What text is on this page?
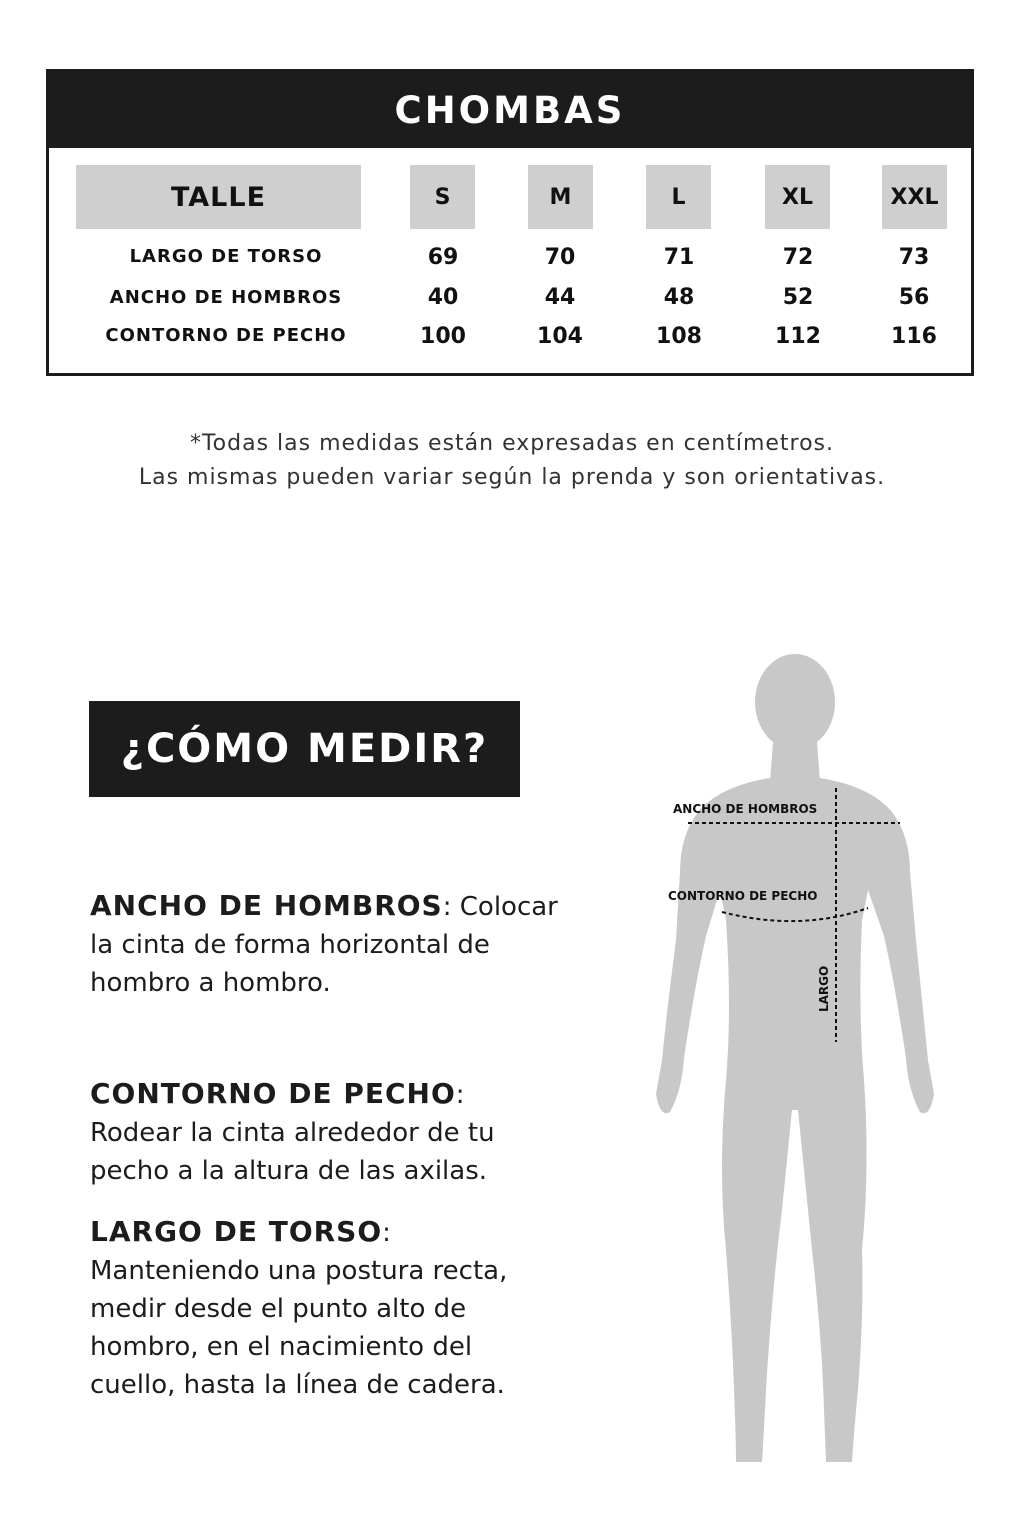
CHOMBAS
TALLE	S	M	L	XL	XXL
LARGO DE TORSO	69	70	71	72	73
ANCHO DE HOMBROS	40	44	48	52	56
CONTORNO DE PECHO	100	104	108	112	116
*Todas las medidas están expresadas en centímetros.
Las mismas pueden variar según la prenda y son orientativas.
¿CÓMO MEDIR?
ANCHO DE HOMBROS: Colocar la cinta de forma horizontal de hombro a hombro.
CONTORNO DE PECHO: Rodear la cinta alrededor de tu pecho a la altura de las axilas.
LARGO DE TORSO: Manteniendo una postura recta, medir desde el punto alto de hombro, en el nacimiento del cuello, hasta la línea de cadera.
ANCHO DE HOMBROS
CONTORNO DE PECHO
LARGO
